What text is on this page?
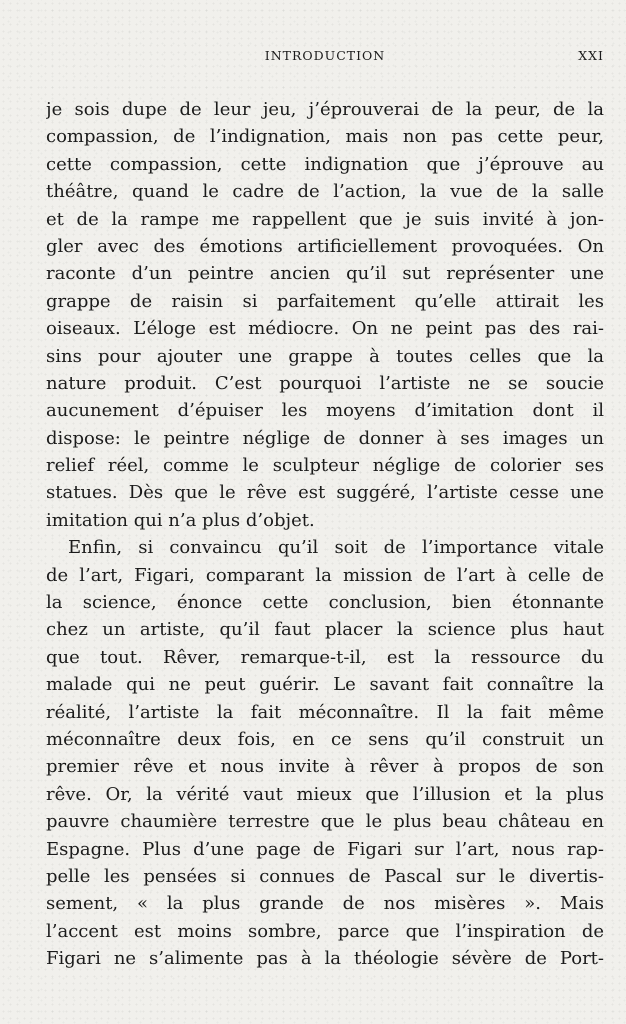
INTRODUCTION	XXI
je sois dupe de leur jeu, j’éprouverai de la peur, de la
compassion, de l’indignation, mais non pas cette peur,
cette compassion, cette indignation que j’éprouve au
théâtre, quand le cadre de l’action, la vue de la salle
et de la rampe me rappellent que je suis invité à jon-
gler avec des émotions artificiellement provoquées. On
raconte d’un peintre ancien qu’il sut représenter une
grappe de raisin si parfaitement qu’elle attirait les
oiseaux. L’éloge est médiocre. On ne peint pas des rai-
sins pour ajouter une grappe à toutes celles que la
nature produit. C’est pourquoi l’artiste ne se soucie
aucunement d’épuiser les moyens d’imitation dont il
dispose: le peintre néglige de donner à ses images un
relief réel, comme le sculpteur néglige de colorier ses
statues. Dès que le rêve est suggéré, l’artiste cesse une
imitation qui n’a plus d’objet.
Enfin, si convaincu qu’il soit de l’importance vitale
de l’art, Figari, comparant la mission de l’art à celle de
la science, énonce cette conclusion, bien étonnante
chez un artiste, qu’il faut placer la science plus haut
que tout. Rêver, remarque-t-il, est la ressource du
malade qui ne peut guérir. Le savant fait connaître la
réalité, l’artiste la fait méconnaître. Il la fait même
méconnaître deux fois, en ce sens qu’il construit un
premier rêve et nous invite à rêver à propos de son
rêve. Or, la vérité vaut mieux que l’illusion et la plus
pauvre chaumière terrestre que le plus beau château en
Espagne. Plus d’une page de Figari sur l’art, nous rap-
pelle les pensées si connues de Pascal sur le divertis-
sement, « la plus grande de nos misères ». Mais
l’accent est moins sombre, parce que l’inspiration de
Figari ne s’alimente pas à la théologie sévère de Port-
